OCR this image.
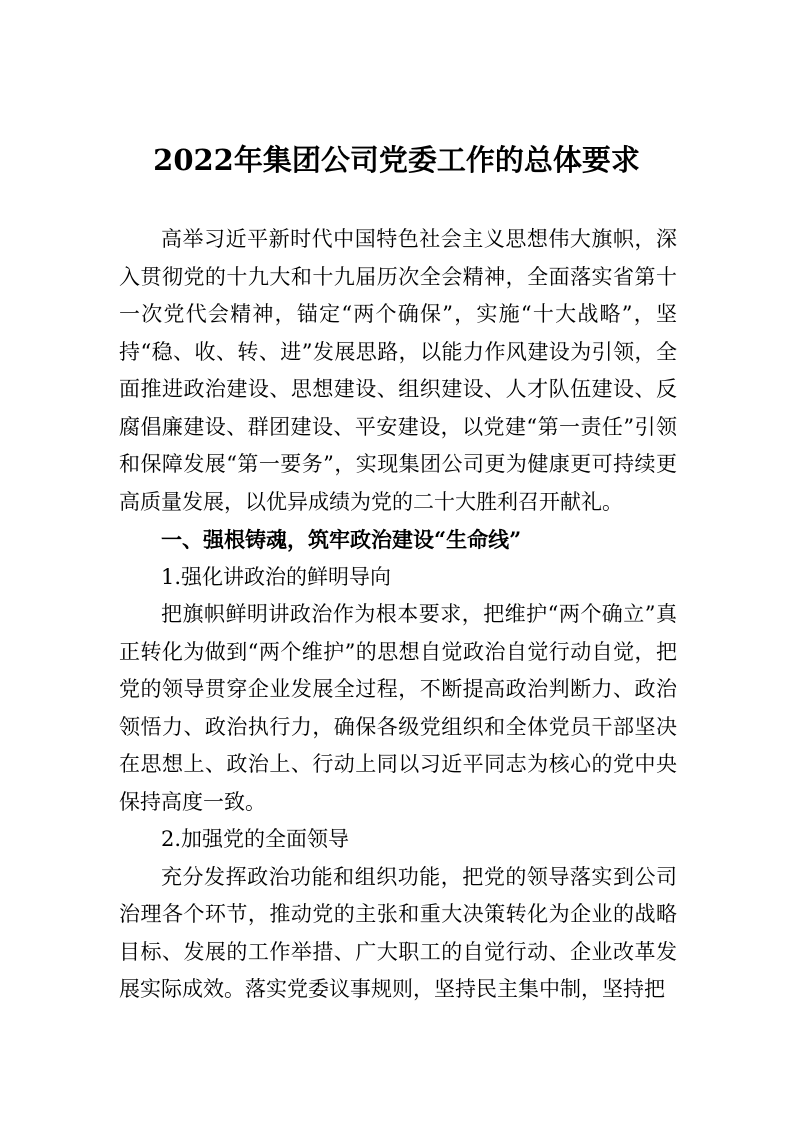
2022年集团公司党委工作的总体要求

高举习近平新时代中国特色社会主义思想伟大旗帜，深入贯彻党的十九大和十九届历次全会精神，全面落实省第十一次党代会精神，锚定“两个确保”，实施“十大战略”，坚持“稳、收、转、进”发展思路，以能力作风建设为引领，全面推进政治建设、思想建设、组织建设、人才队伍建设、反腐倡廉建设、群团建设、平安建设，以党建“第一责任”引领和保障发展“第一要务”，实现集团公司更为健康更可持续更高质量发展，以优异成绩为党的二十大胜利召开献礼。

一、强根铸魂，筑牢政治建设“生命线”

1.强化讲政治的鲜明导向

把旗帜鲜明讲政治作为根本要求，把维护“两个确立”真正转化为做到“两个维护”的思想自觉政治自觉行动自觉，把党的领导贯穿企业发展全过程，不断提高政治判断力、政治领悟力、政治执行力，确保各级党组织和全体党员干部坚决在思想上、政治上、行动上同以习近平同志为核心的党中央保持高度一致。

2.加强党的全面领导

充分发挥政治功能和组织功能，把党的领导落实到公司治理各个环节，推动党的主张和重大决策转化为企业的战略目标、发展的工作举措、广大职工的自觉行动、企业改革发展实际成效。落实党委议事规则，坚持民主集中制，坚持把
